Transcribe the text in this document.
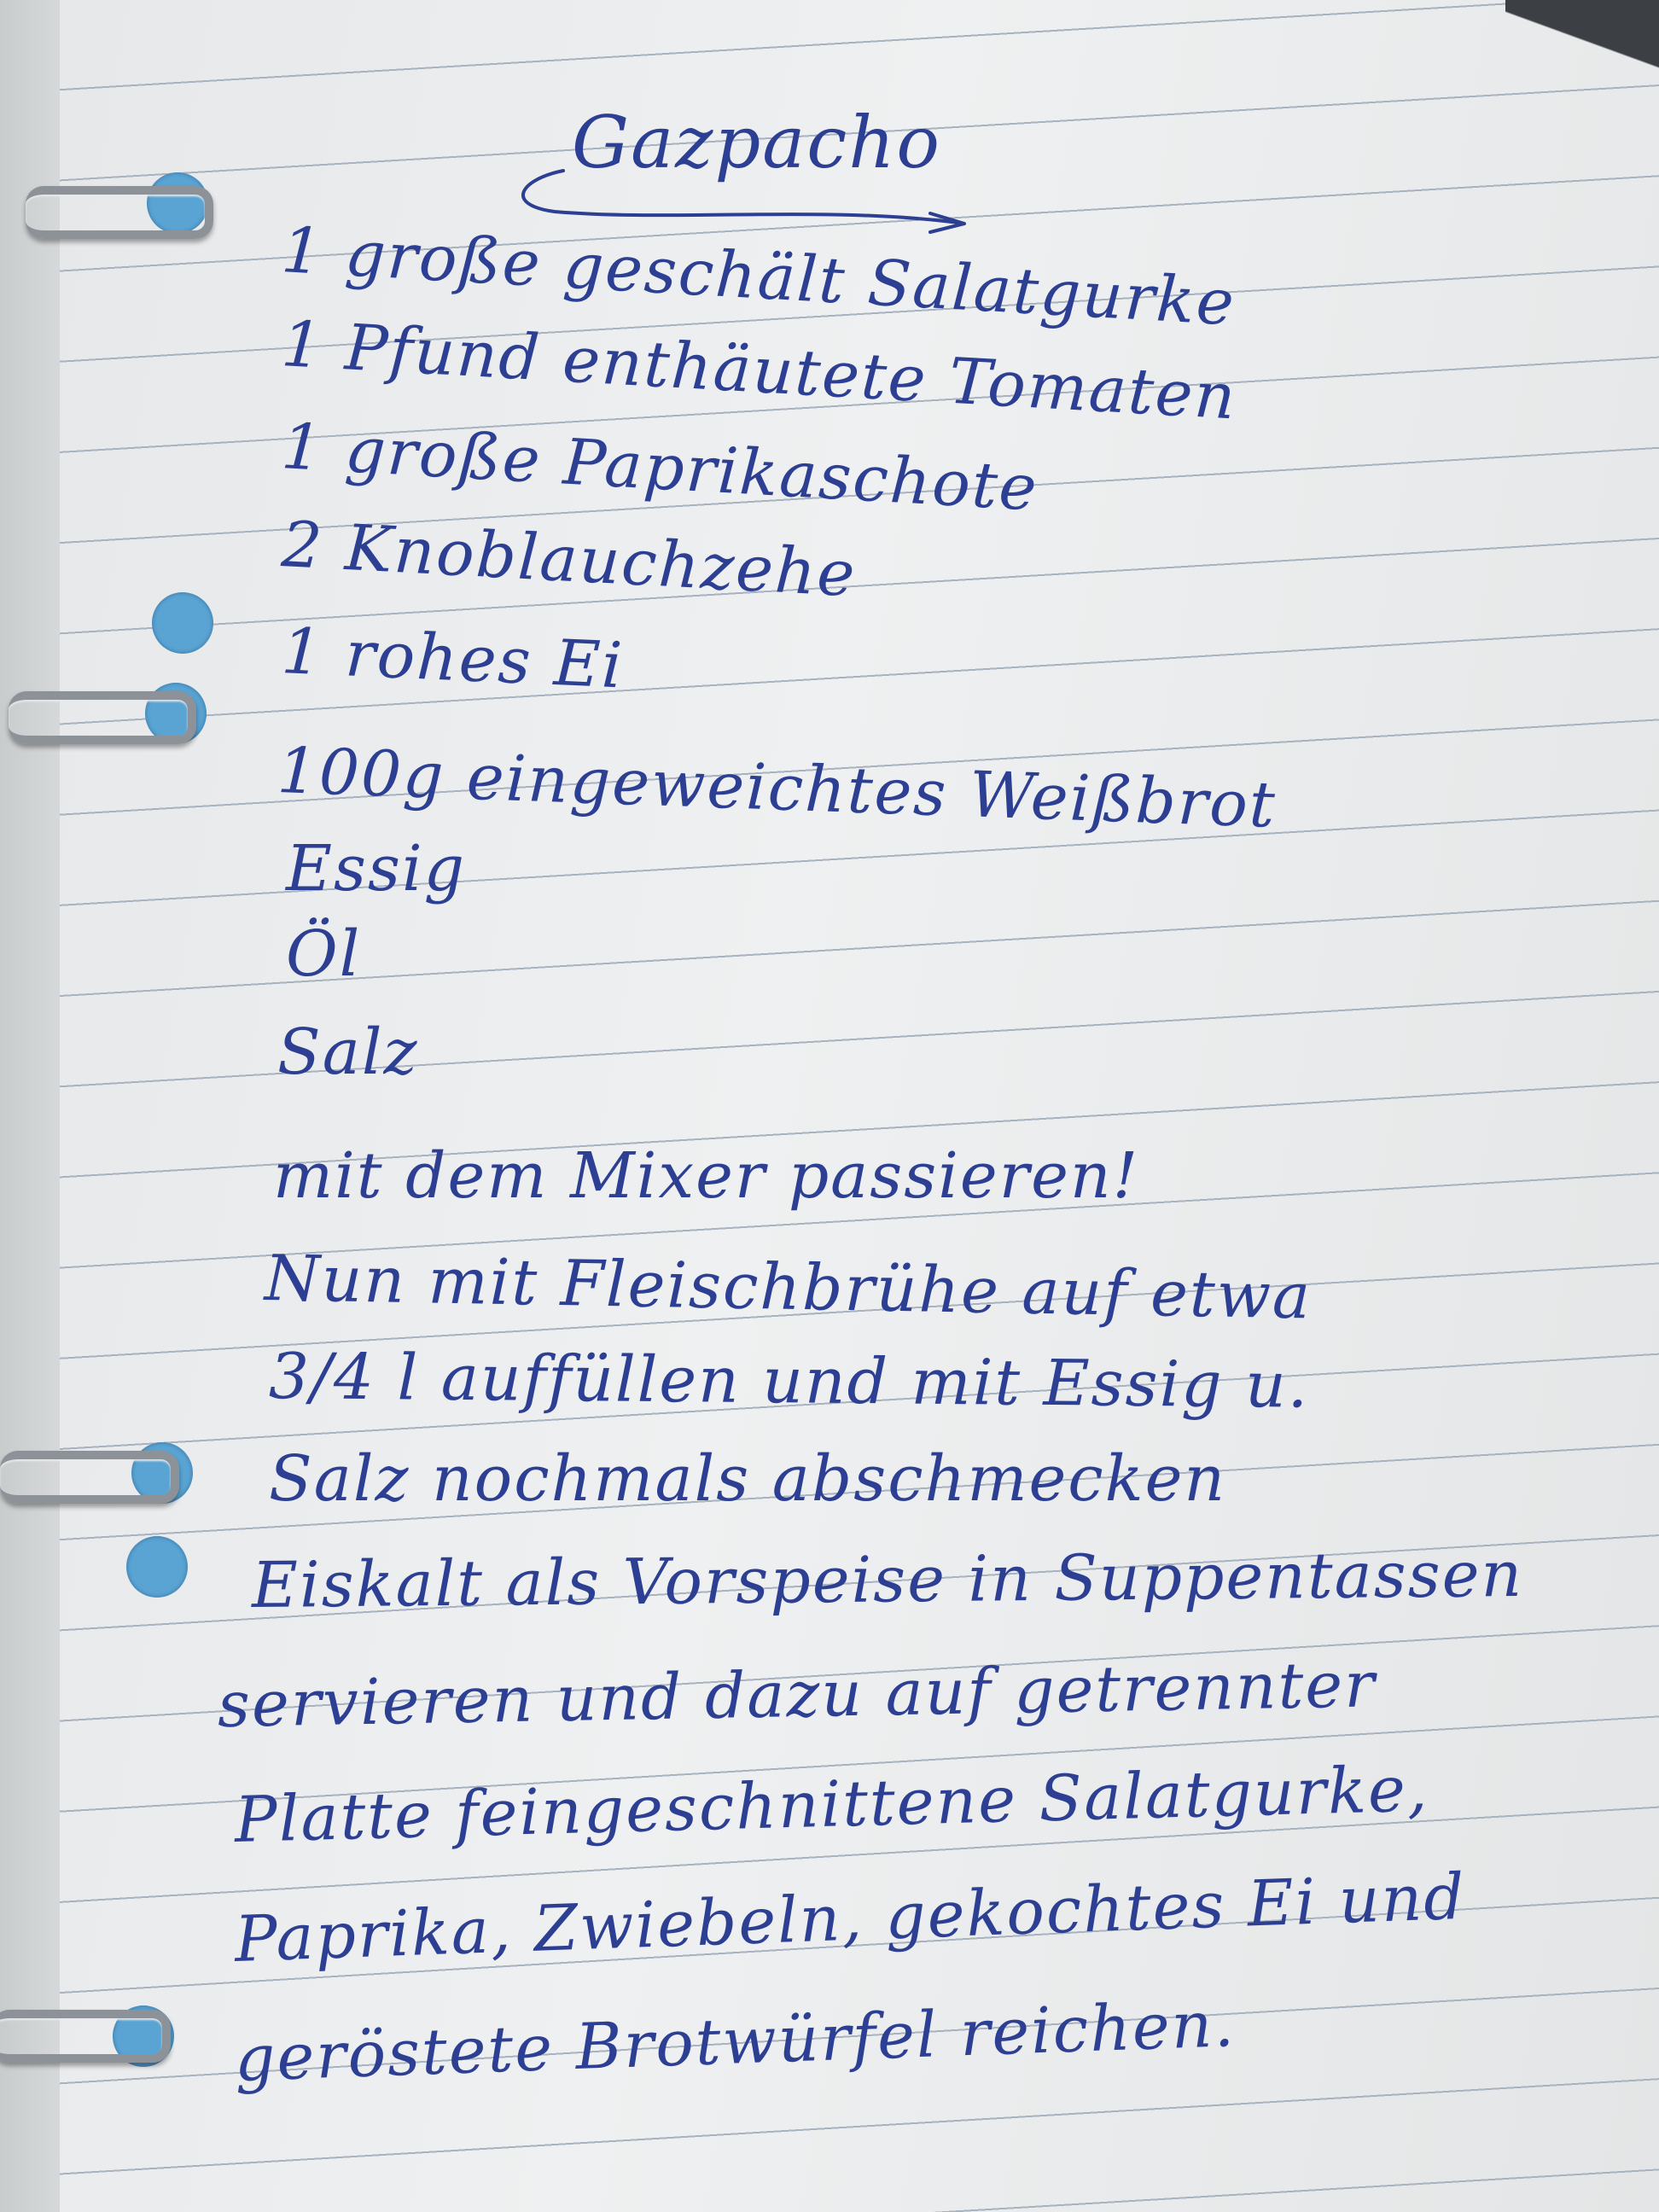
Gazpacho
1 große geschält Salatgurke
1 Pfund enthäutete Tomaten
1 große Paprikaschote
2 Knoblauchzehe
1 rohes Ei
100g eingeweichtes Weißbrot
Essig
Öl
Salz
mit dem Mixer passieren!
Nun mit Fleischbrühe auf etwa
3/4 l auffüllen und mit Essig u.
Salz nochmals abschmecken
Eiskalt als Vorspeise in Suppentassen
servieren und dazu auf getrennter
Platte feingeschnittene Salatgurke,
Paprika, Zwiebeln, gekochtes Ei und
geröstete Brotwürfel reichen.
